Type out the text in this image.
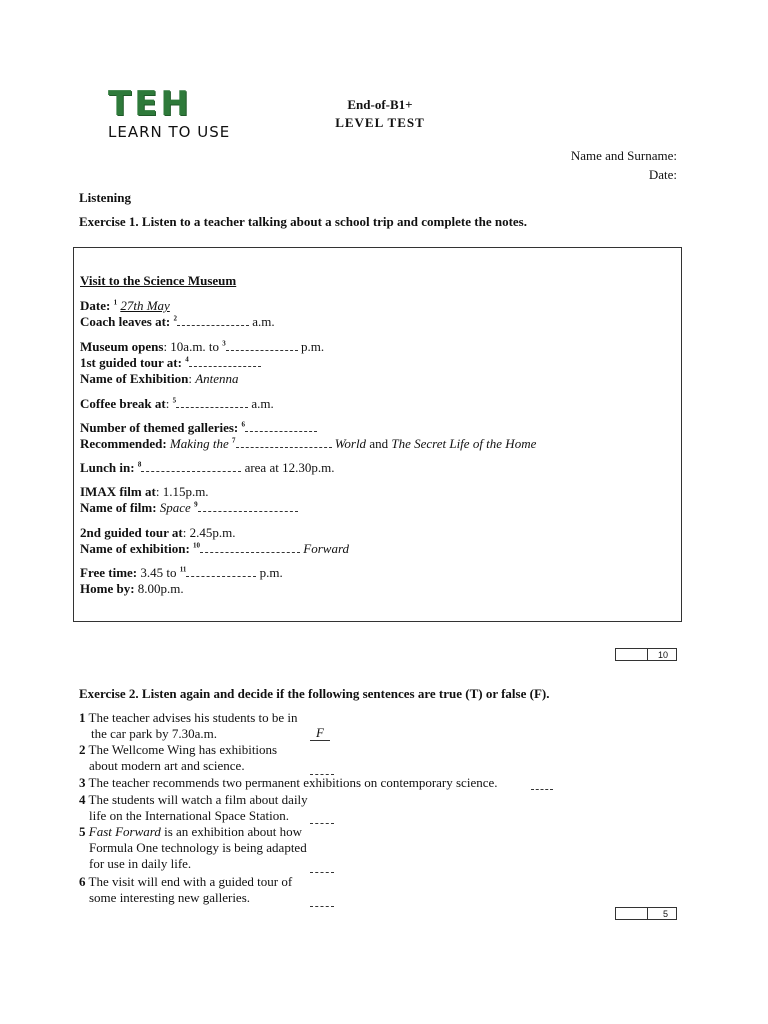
TEH
LEARN TO USE
End-of-B1+
LEVEL TEST
Name and Surname:
Date:
Listening
Exercise 1. Listen to a teacher talking about a school trip and complete the notes.
Visit to the Science Museum
Date: $^1$ 27th May
Coach leaves at: $^2$	a.m.
Museum opens: 10a.m. to $^3$	p.m.
1st guided tour at: $^4$
Name of Exhibition: Antenna
Coffee break at: $^5$	a.m.
Number of themed galleries: $^6$
Recommended: Making the $^7$	World and The Secret Life of the Home
Lunch in: $^8$	area at 12.30p.m.
IMAX film at: 1.15p.m.
Name of film: Space $^9$
2nd guided tour at: 2.45p.m.
Name of exhibition: $^{10}$	Forward
Free time: 3.45 to $^{11}$	p.m.
Home by: 8.00p.m.
10
Exercise 2. Listen again and decide if the following sentences are true (T) or false (F).
1 The teacher advises his students to be in
the car park by 7.30a.m.	F
2 The Wellcome Wing has exhibitions
about modern art and science.
3 The teacher recommends two permanent exhibitions on contemporary science.
4 The students will watch a film about daily
life on the International Space Station.
5 Fast Forward is an exhibition about how
Formula One technology is being adapted
for use in daily life.
6 The visit will end with a guided tour of
some interesting new galleries.
5
